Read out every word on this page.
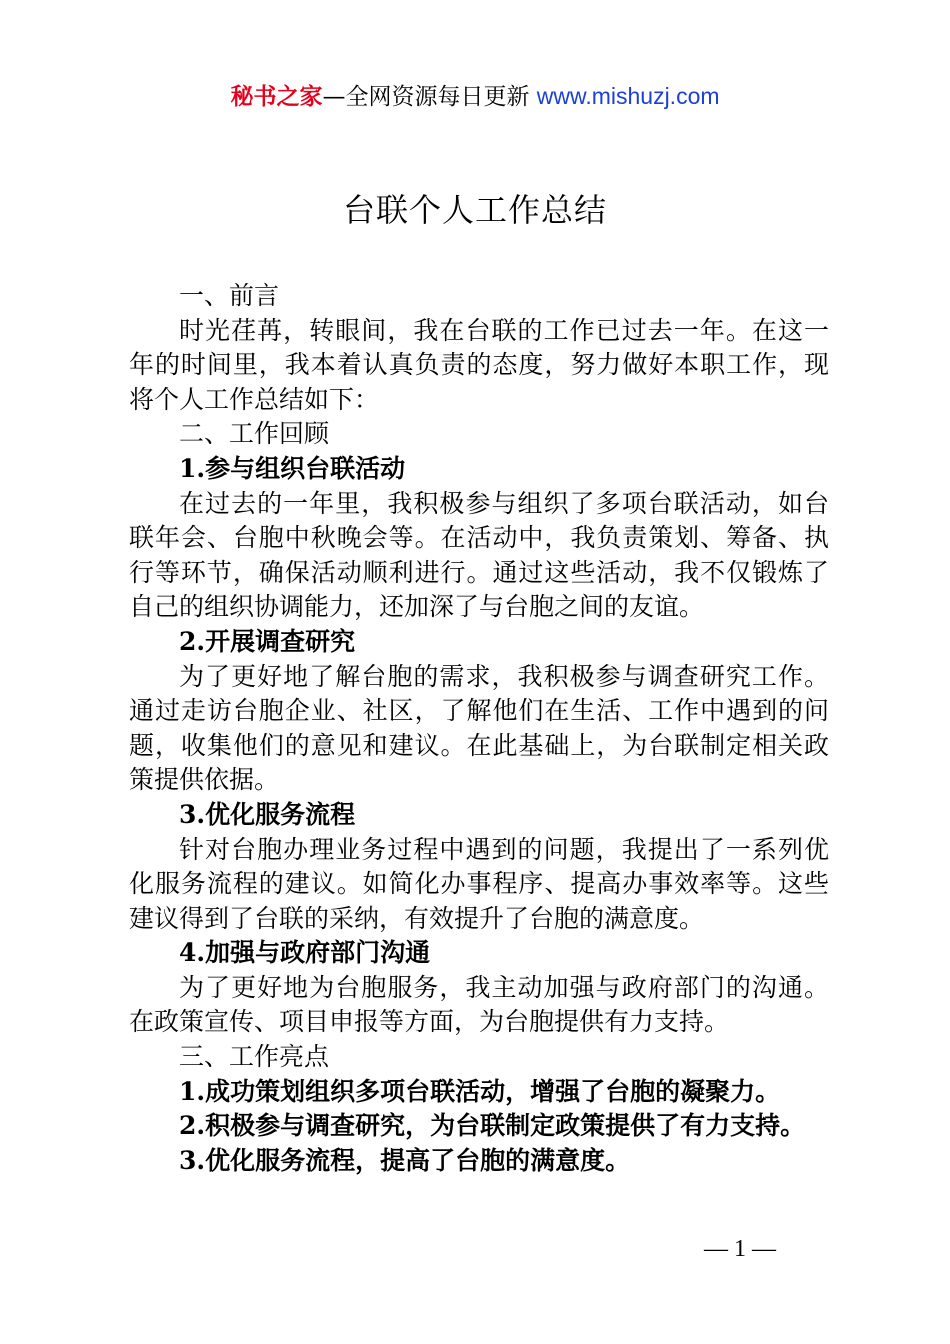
秘书之家—全网资源每日更新 www.mishuzj.com
台联个人工作总结
一、前言
时光荏苒，转眼间，我在台联的工作已过去一年。在这一
年的时间里，我本着认真负责的态度，努力做好本职工作，现
将个人工作总结如下：
二、工作回顾
1.参与组织台联活动
在过去的一年里，我积极参与组织了多项台联活动，如台
联年会、台胞中秋晚会等。在活动中，我负责策划、筹备、执
行等环节，确保活动顺利进行。通过这些活动，我不仅锻炼了
自己的组织协调能力，还加深了与台胞之间的友谊。
2.开展调查研究
为了更好地了解台胞的需求，我积极参与调查研究工作。
通过走访台胞企业、社区，了解他们在生活、工作中遇到的问
题，收集他们的意见和建议。在此基础上，为台联制定相关政
策提供依据。
3.优化服务流程
针对台胞办理业务过程中遇到的问题，我提出了一系列优
化服务流程的建议。如简化办事程序、提高办事效率等。这些
建议得到了台联的采纳，有效提升了台胞的满意度。
4.加强与政府部门沟通
为了更好地为台胞服务，我主动加强与政府部门的沟通。
在政策宣传、项目申报等方面，为台胞提供有力支持。
三、工作亮点
1.成功策划组织多项台联活动，增强了台胞的凝聚力。
2.积极参与调查研究，为台联制定政策提供了有力支持。
3.优化服务流程，提高了台胞的满意度。
— 1 —
